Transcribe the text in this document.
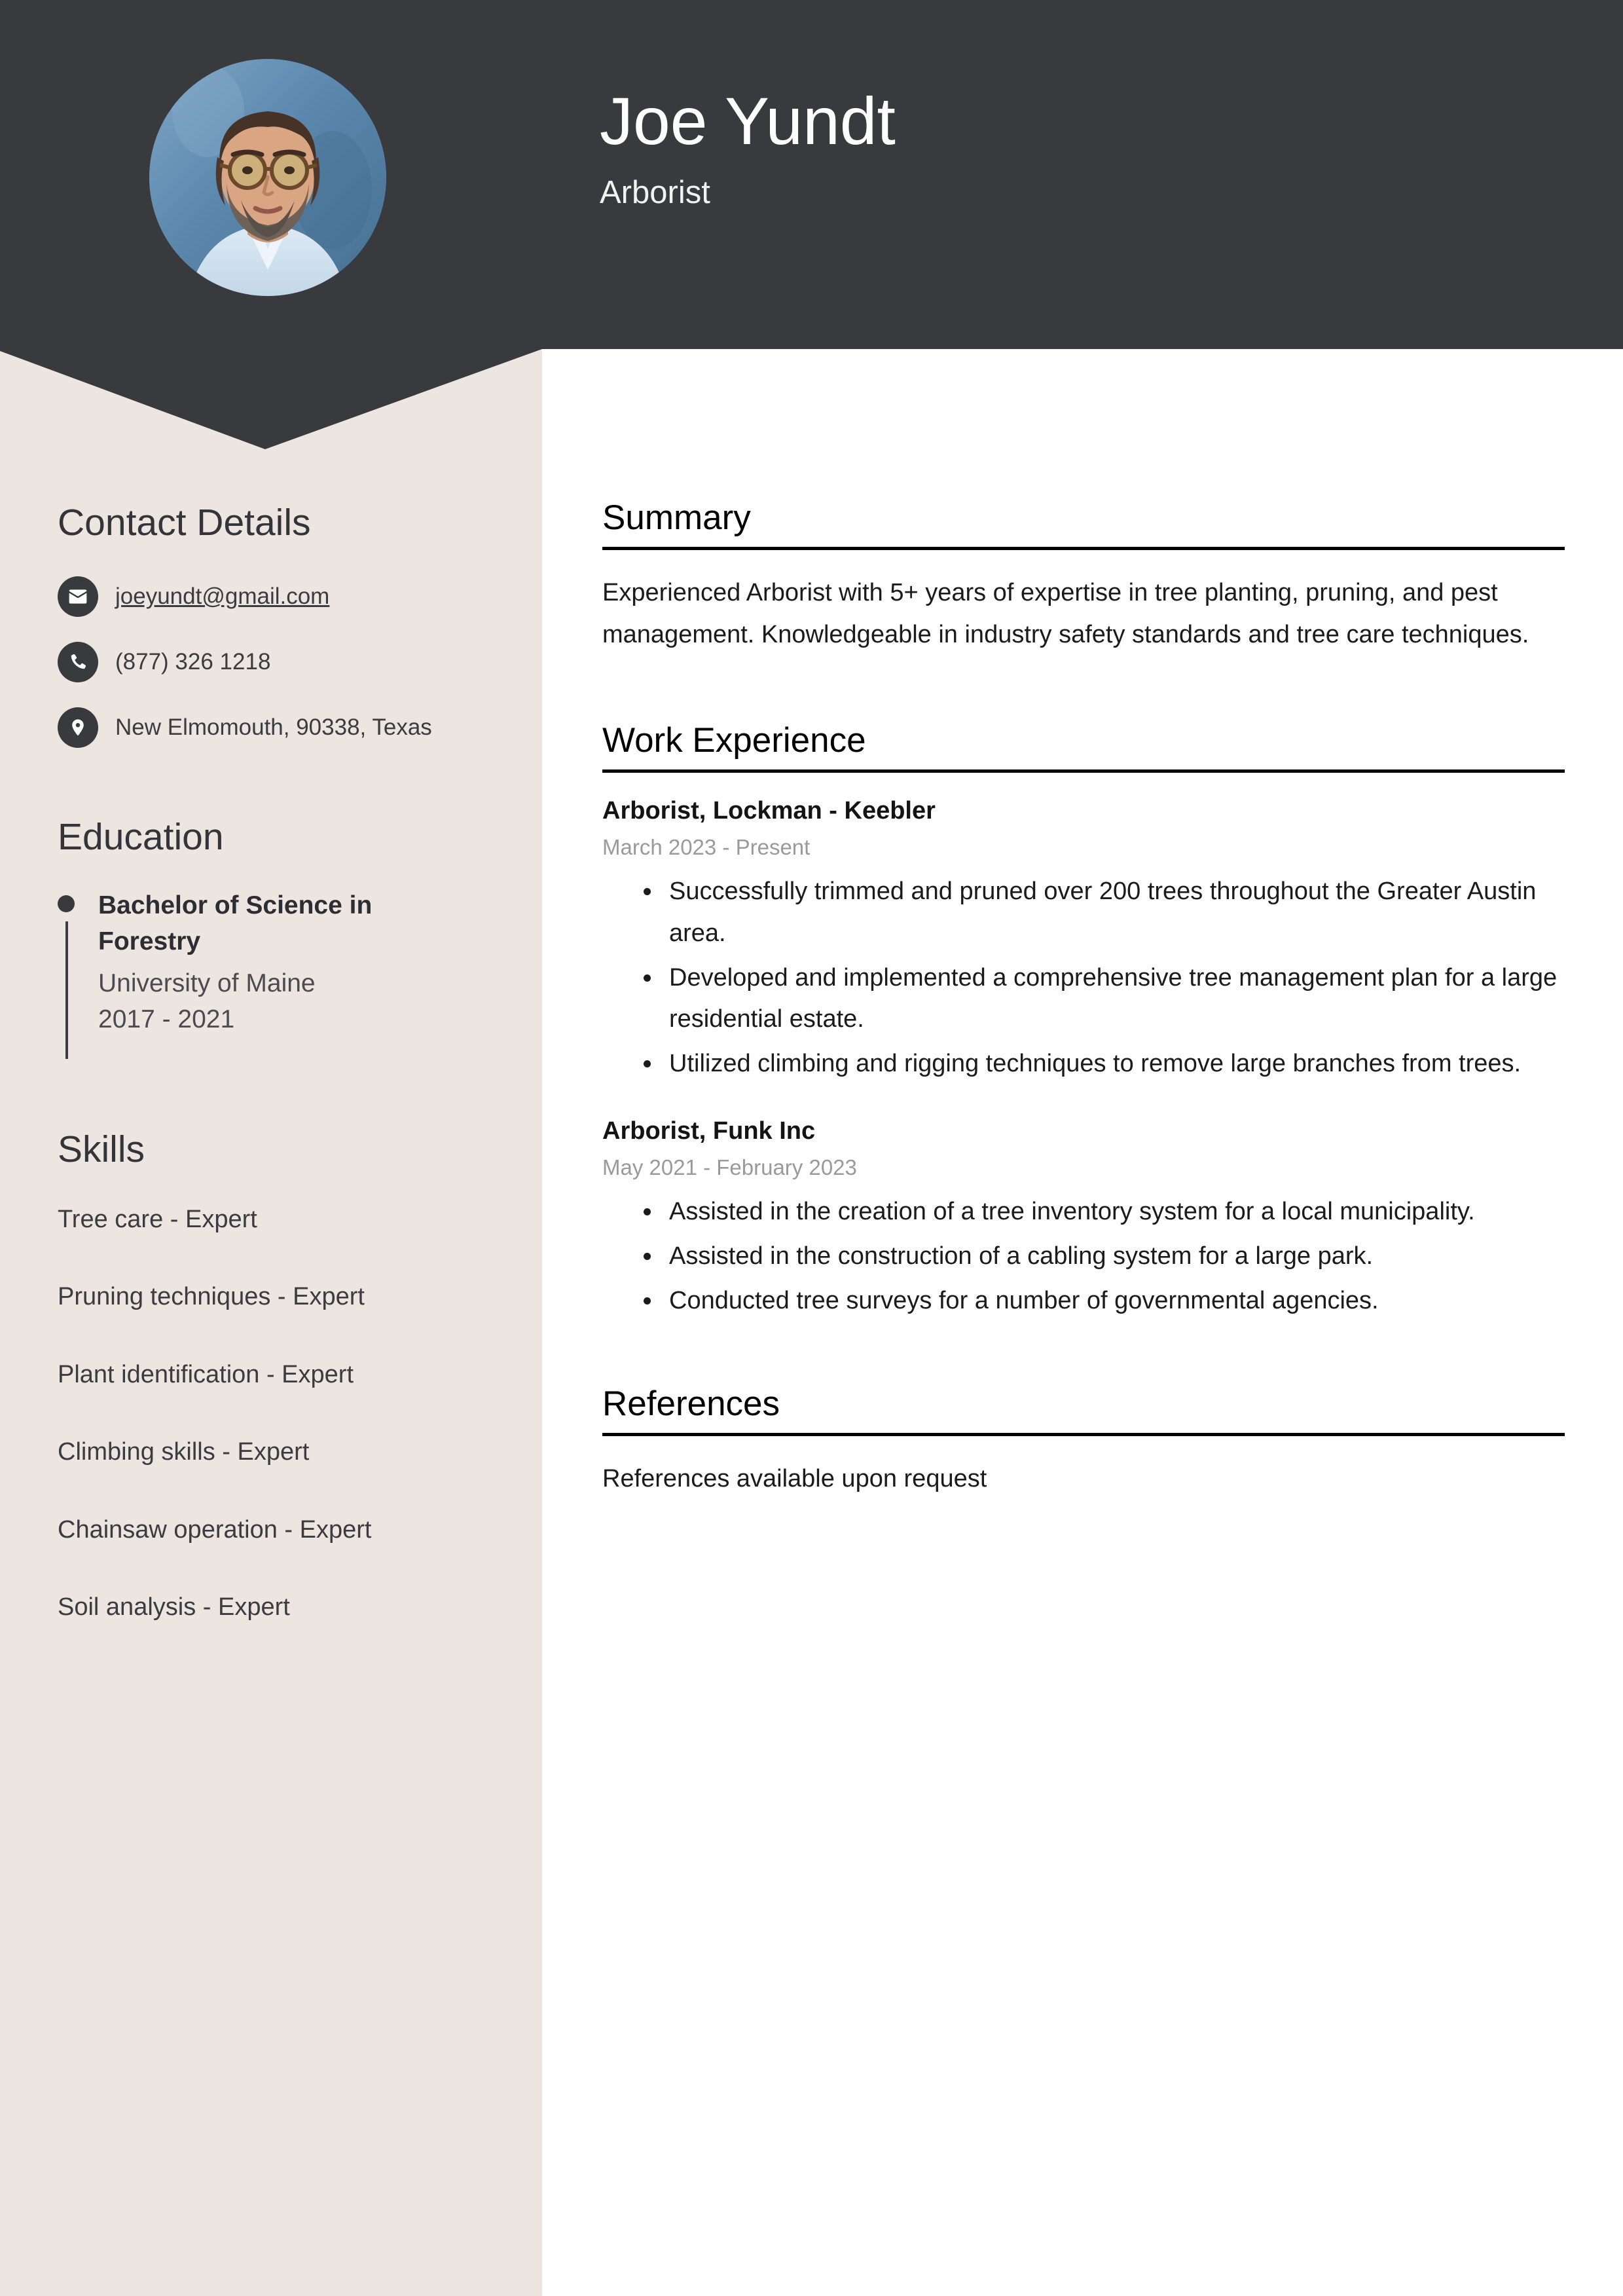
Joe Yundt
Arborist
Contact Details
joeyundt@gmail.com
(877) 326 1218
New Elmomouth, 90338, Texas
Education
Bachelor of Science in Forestry
University of Maine
2017 - 2021
Skills
Tree care - Expert
Pruning techniques - Expert
Plant identification - Expert
Climbing skills - Expert
Chainsaw operation - Expert
Soil analysis - Expert
Summary

Experienced Arborist with 5+ years of expertise in tree planting, pruning, and pest management. Knowledgeable in industry safety standards and tree care techniques.

Work Experience
Arborist, Lockman - Keebler
March 2023 - Present
• Successfully trimmed and pruned over 200 trees throughout the Greater Austin area.
• Developed and implemented a comprehensive tree management plan for a large residential estate.
• Utilized climbing and rigging techniques to remove large branches from trees.
Arborist, Funk Inc
May 2021 - February 2023
• Assisted in the creation of a tree inventory system for a local municipality.
• Assisted in the construction of a cabling system for a large park.
• Conducted tree surveys for a number of governmental agencies.
References

References available upon request
